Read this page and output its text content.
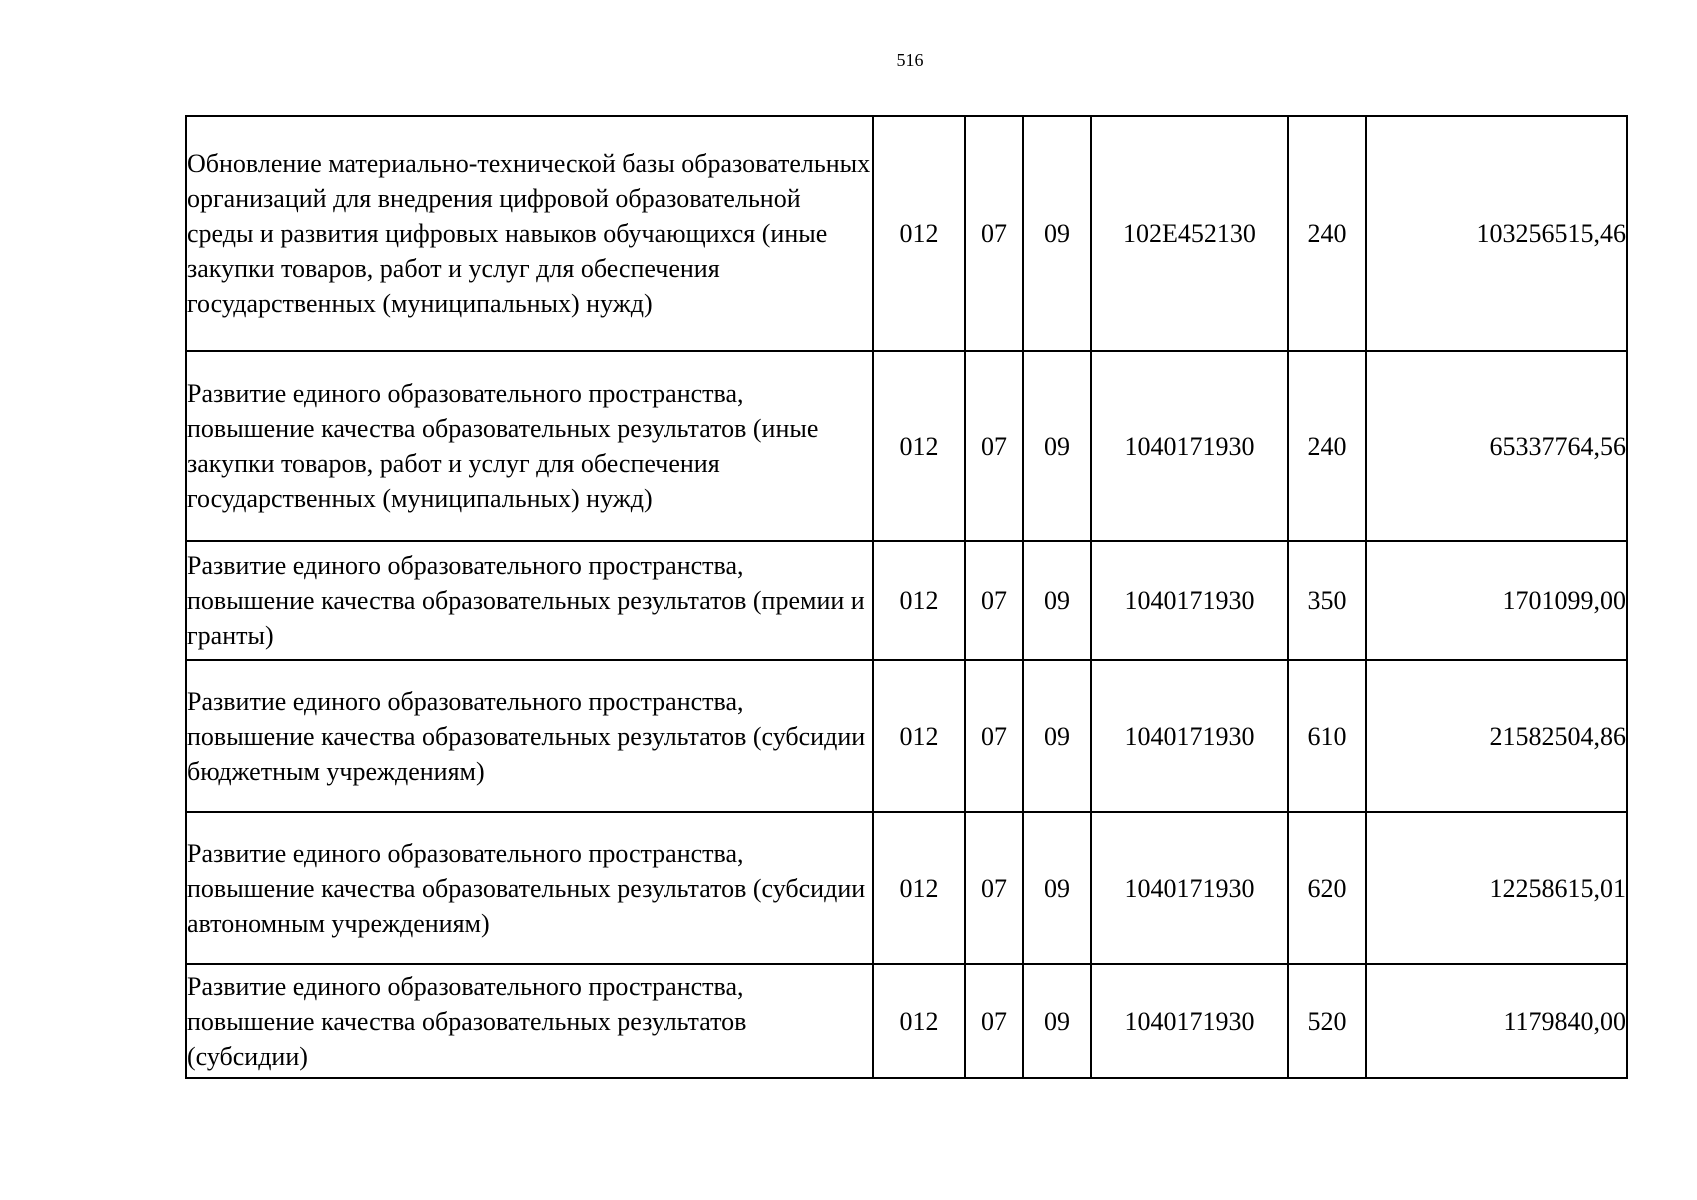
516
Обновление материально-технической базы образовательных организаций для внедрения цифровой образовательной среды и развития цифровых навыков обучающихся (иные закупки товаров, работ и услуг для обеспечения государственных (муниципальных) нужд)	012	07	09	102E452130	240	103256515,46
Развитие единого образовательного пространства, повышение качества образовательных результатов (иные закупки товаров, работ и услуг для обеспечения государственных (муниципальных) нужд)	012	07	09	1040171930	240	65337764,56
Развитие единого образовательного пространства, повышение качества образовательных результатов (премии и гранты)	012	07	09	1040171930	350	1701099,00
Развитие единого образовательного пространства, повышение качества образовательных результатов (субсидии бюджетным учреждениям)	012	07	09	1040171930	610	21582504,86
Развитие единого образовательного пространства, повышение качества образовательных результатов (субсидии автономным учреждениям)	012	07	09	1040171930	620	12258615,01
Развитие единого образовательного пространства, повышение качества образовательных результатов (субсидии)	012	07	09	1040171930	520	1179840,00
